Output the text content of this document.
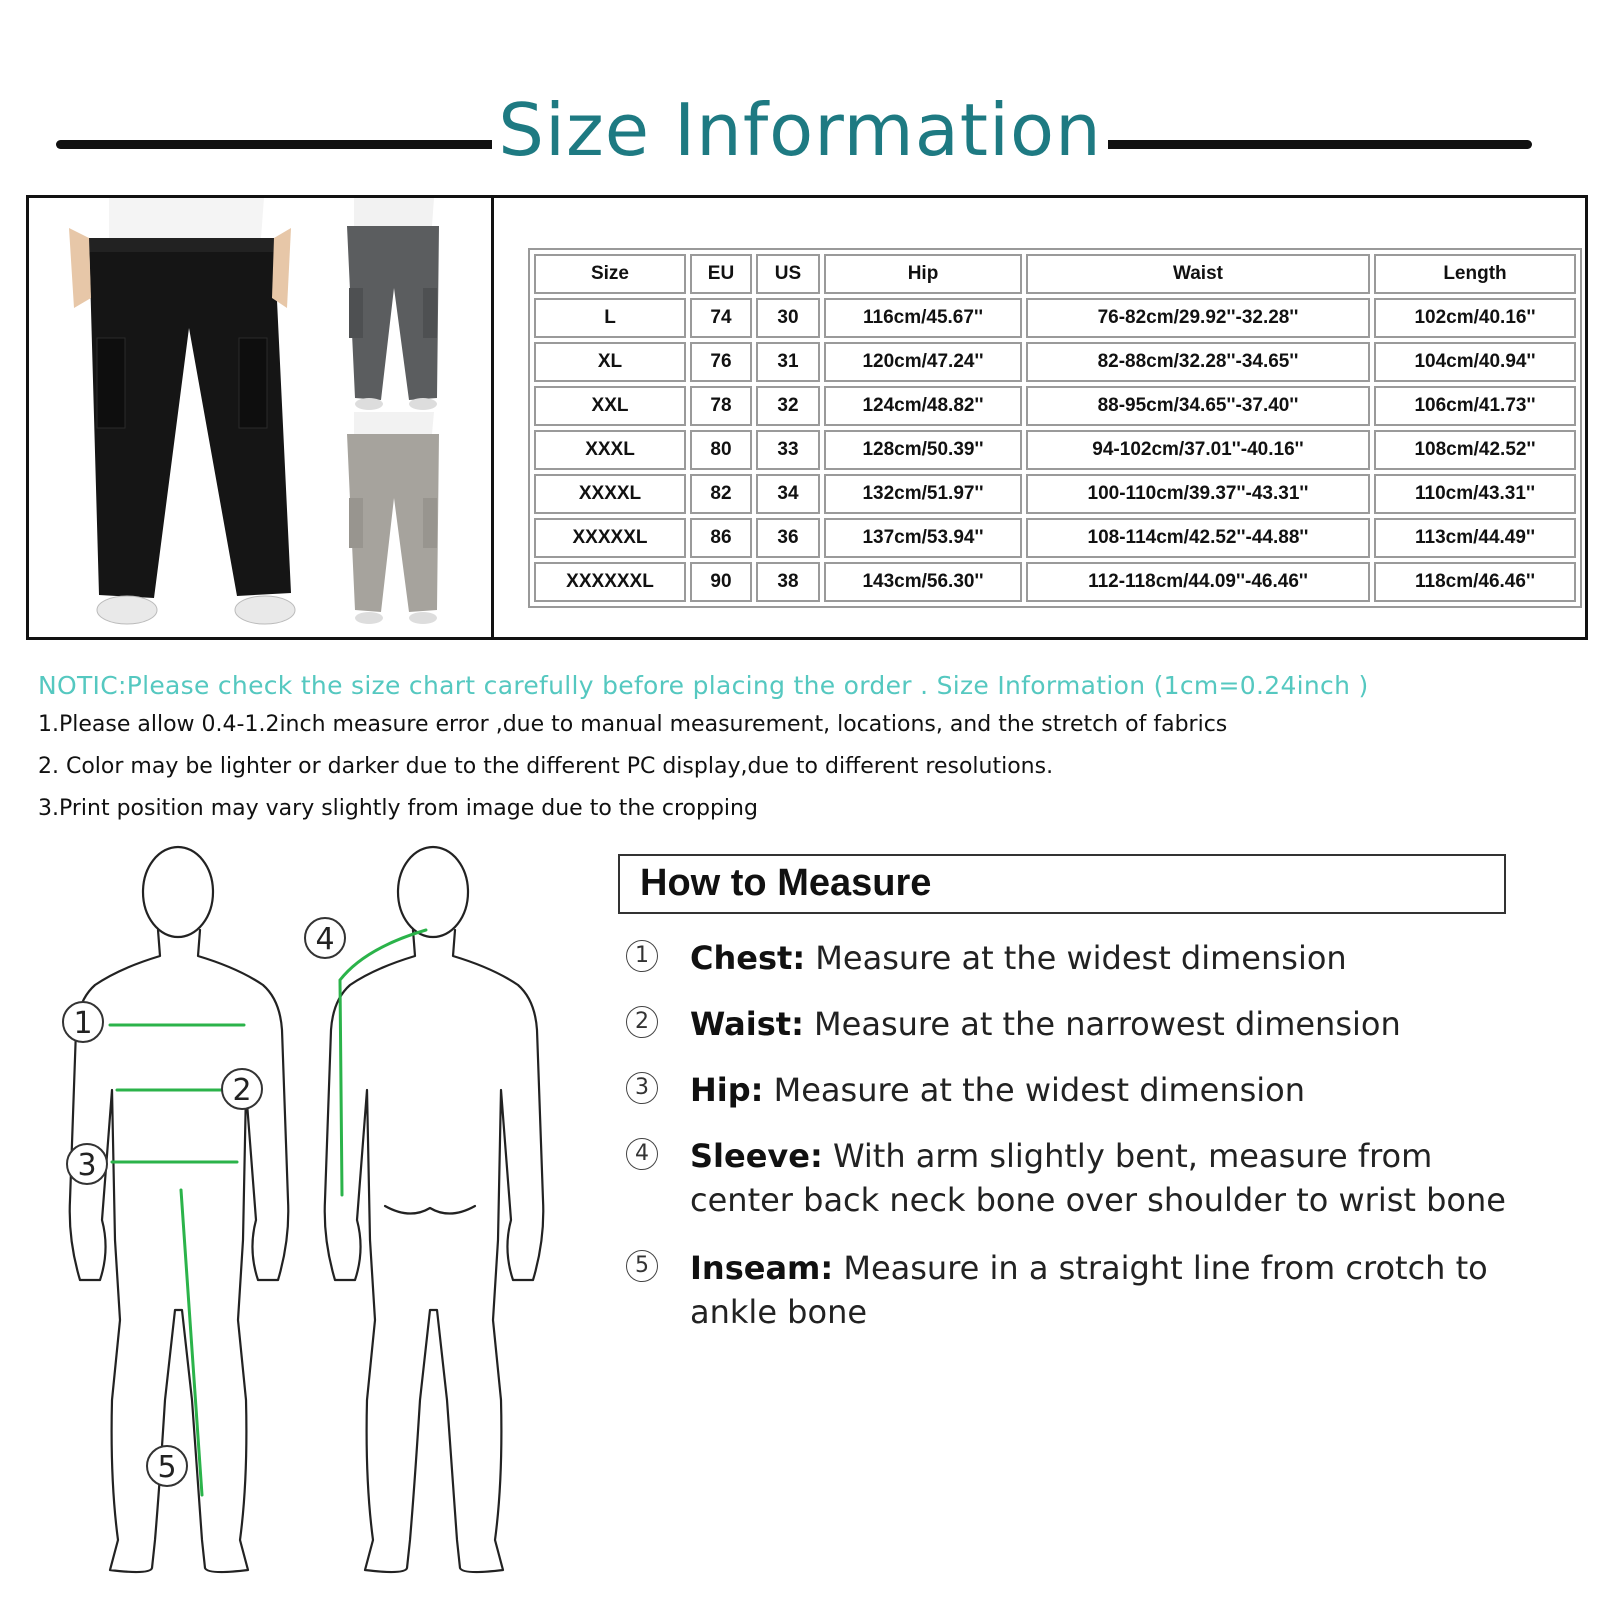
Size Information
Size	EU	US	Hip	Waist	Length
L	74	30	116cm/45.67''	76-82cm/29.92''-32.28''	102cm/40.16''
XL	76	31	120cm/47.24''	82-88cm/32.28''-34.65''	104cm/40.94''
XXL	78	32	124cm/48.82''	88-95cm/34.65''-37.40''	106cm/41.73''
XXXL	80	33	128cm/50.39''	94-102cm/37.01''-40.16''	108cm/42.52''
XXXXL	82	34	132cm/51.97''	100-110cm/39.37''-43.31''	110cm/43.31''
XXXXXL	86	36	137cm/53.94''	108-114cm/42.52''-44.88''	113cm/44.49''
XXXXXXL	90	38	143cm/56.30''	112-118cm/44.09''-46.46''	118cm/46.46''
NOTIC:Please check the size chart carefully before placing the order . Size Information (1cm=0.24inch )
1.Please allow 0.4-1.2inch measure error ,due to manual measurement, locations, and the stretch of fabrics
2. Color may be lighter or darker due to the different PC display,due to different resolutions.
3.Print position may vary slightly from image due to the cropping
1
2
3
4
5
How to Measure
1 Chest: Measure at the widest dimension
2 Waist: Measure at the narrowest dimension
3 Hip: Measure at the widest dimension
4 Sleeve: With arm slightly bent, measure from center back neck bone over shoulder to wrist bone
5 Inseam: Measure in a straight line from crotch to ankle bone
